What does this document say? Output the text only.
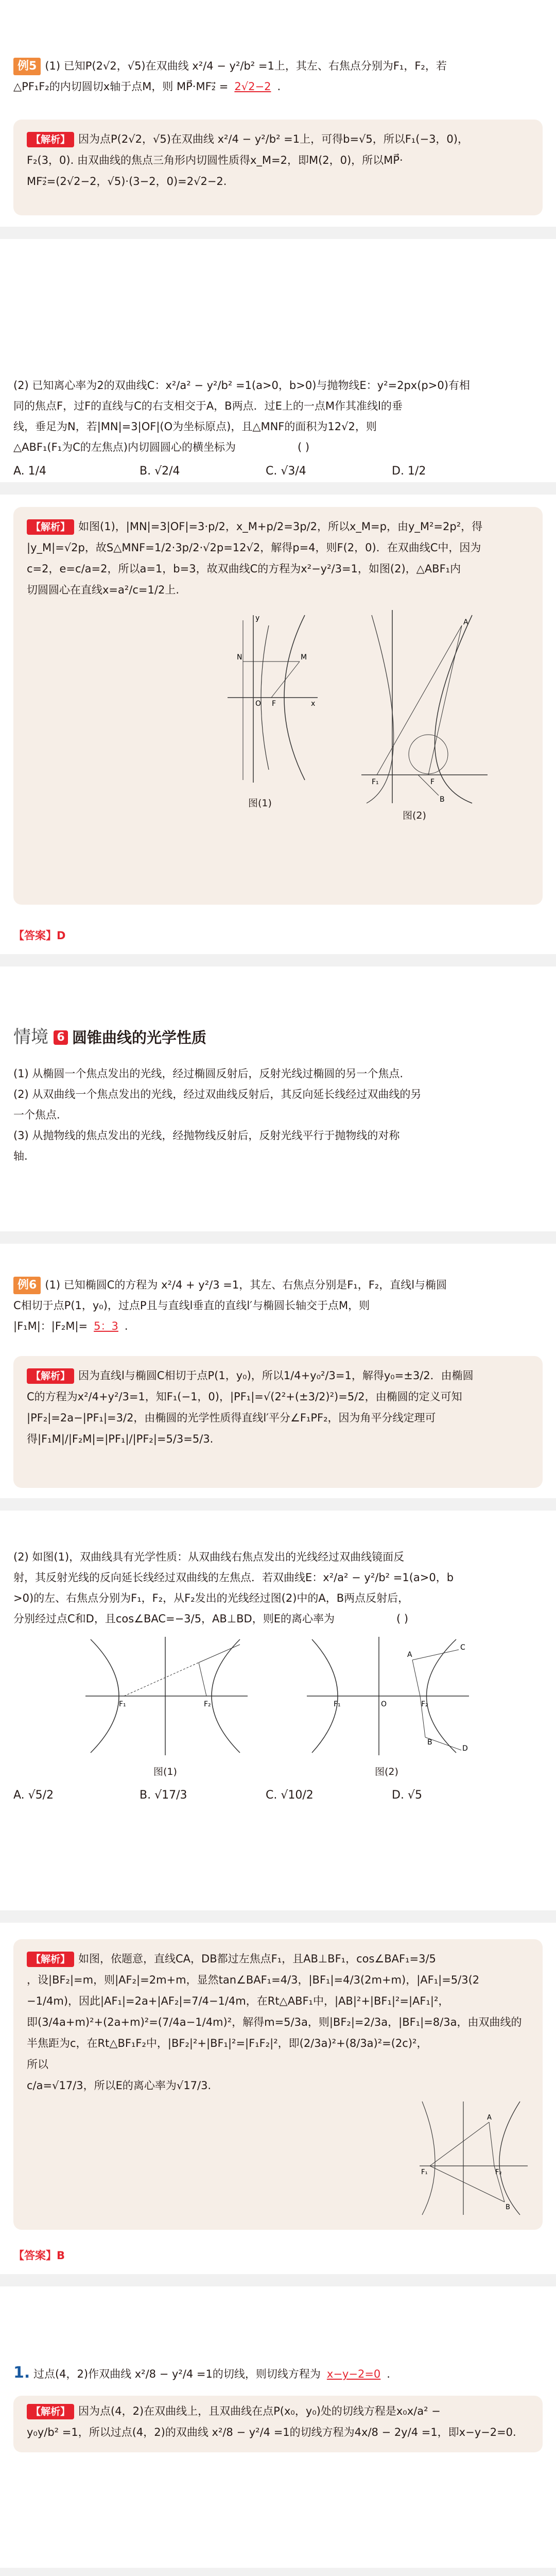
例5 (1) 已知P(2√2，√5)在双曲线 x²/4 − y²/b² =1上，其左、右焦点分别为F₁，F₂，若
△PF₁F₂的内切圆切x轴于点M，则 MP⃗·MF₂⃗ = 2√2−2 .
【解析】 因为点P(2√2，√5)在双曲线 x²/4 − y²/b² =1上，可得b=√5，所以F₁(−3，0)，
F₂(3，0). 由双曲线的焦点三角形内切圆性质得x_M=2，即M(2，0)，所以MP⃗·
MF₂⃗=(2√2−2，√5)·(3−2，0)=2√2−2.
(2) 已知离心率为2的双曲线C：x²/a² − y²/b² =1(a>0，b>0)与抛物线E：y²=2px(p>0)有相
同的焦点F，过F的直线与C的右支相交于A，B两点．过E上的一点M作其准线l的垂
线，垂足为N，若|MN|=3|OF|(O为坐标原点)，且△MNF的面积为12√2，则
△ABF₁(F₁为C的左焦点)内切圆圆心的横坐标为	( )
A. 1/4	B. √2/4	C. √3/4	D. 1/2
【解析】 如图(1)，|MN|=3|OF|=3·p/2，x_M+p/2=3p/2，所以x_M=p，由y_M²=2p²，得
|y_M|=√2p，故S△MNF=1/2·3p/2·√2p=12√2，解得p=4，则F(2，0)．在双曲线C中，因为
c=2，e=c/a=2，所以a=1，b=3，故双曲线C的方程为x²−y²/3=1，如图(2)，△ABF₁内
切圆圆心在直线x=a²/c=1/2上.
M
N
F
O
y
x
A
F₁	F
B
图(1)
图(2)
【答案】D
情境 6 圆锥曲线的光学性质
(1) 从椭圆一个焦点发出的光线，经过椭圆反射后，反射光线过椭圆的另一个焦点.
(2) 从双曲线一个焦点发出的光线，经过双曲线反射后，其反向延长线经过双曲线的另
一个焦点.
(3) 从抛物线的焦点发出的光线，经抛物线反射后，反射光线平行于抛物线的对称
轴.
例6 (1) 已知椭圆C的方程为 x²/4 + y²/3 =1，其左、右焦点分别是F₁，F₂，直线l与椭圆
C相切于点P(1，y₀)，过点P且与直线l垂直的直线l′与椭圆长轴交于点M，则
|F₁M|：|F₂M|= 5：3 .
【解析】 因为直线l与椭圆C相切于点P(1，y₀)，所以1/4+y₀²/3=1，解得y₀=±3/2．由椭圆
C的方程为x²/4+y²/3=1，知F₁(−1，0)，|PF₁|=√(2²+(±3/2)²)=5/2，由椭圆的定义可知
|PF₂|=2a−|PF₁|=3/2，由椭圆的光学性质得直线l′平分∠F₁PF₂，因为角平分线定理可
得|F₁M|/|F₂M|=|PF₁|/|PF₂|=5/3=5/3.
(2) 如图(1)，双曲线具有光学性质：从双曲线右焦点发出的光线经过双曲线镜面反
射，其反射光线的反向延长线经过双曲线的左焦点．若双曲线E：x²/a² − y²/b² =1(a>0，b
>0)的左、右焦点分别为F₁，F₂，从F₂发出的光线经过图(2)中的A，B两点反射后，
分别经过点C和D，且cos∠BAC=−3/5，AB⊥BD，则E的离心率为	( )
F₁	F₂
A
B
C
D
F₁	F₂
O
图(1)	图(2)
A. √5/2	B. √17/3	C. √10/2	D. √5
【解析】 如图，依题意，直线CA，DB都过左焦点F₁，且AB⊥BF₁，cos∠BAF₁=3/5
，设|BF₂|=m，则|AF₂|=2m+m，显然tan∠BAF₁=4/3，|BF₁|=4/3(2m+m)，|AF₁|=5/3(2
−1/4m)，因此|AF₁|=2a+|AF₂|=7/4−1/4m，在Rt△ABF₁中，|AB|²+|BF₁|²=|AF₁|²，
即(3/4a+m)²+(2a+m)²=(7/4a−1/4m)²，解得m=5/3a，则|BF₂|=2/3a，|BF₁|=8/3a，由双曲线的
半焦距为c，在Rt△BF₁F₂中，|BF₂|²+|BF₁|²=|F₁F₂|²，即(2/3a)²+(8/3a)²=(2c)²，所以
c/a=√17/3，所以E的离心率为√17/3.
A
B
F₁	F₂
【答案】B
1. 过点(4，2)作双曲线 x²/8 − y²/4 =1的切线，则切线方程为 x−y−2=0 .
【解析】 因为点(4，2)在双曲线上，且双曲线在点P(x₀，y₀)处的切线方程是x₀x/a² −
y₀y/b² =1，所以过点(4，2)的双曲线 x²/8 − y²/4 =1的切线方程为4x/8 − 2y/4 =1，即x−y−2=0.
